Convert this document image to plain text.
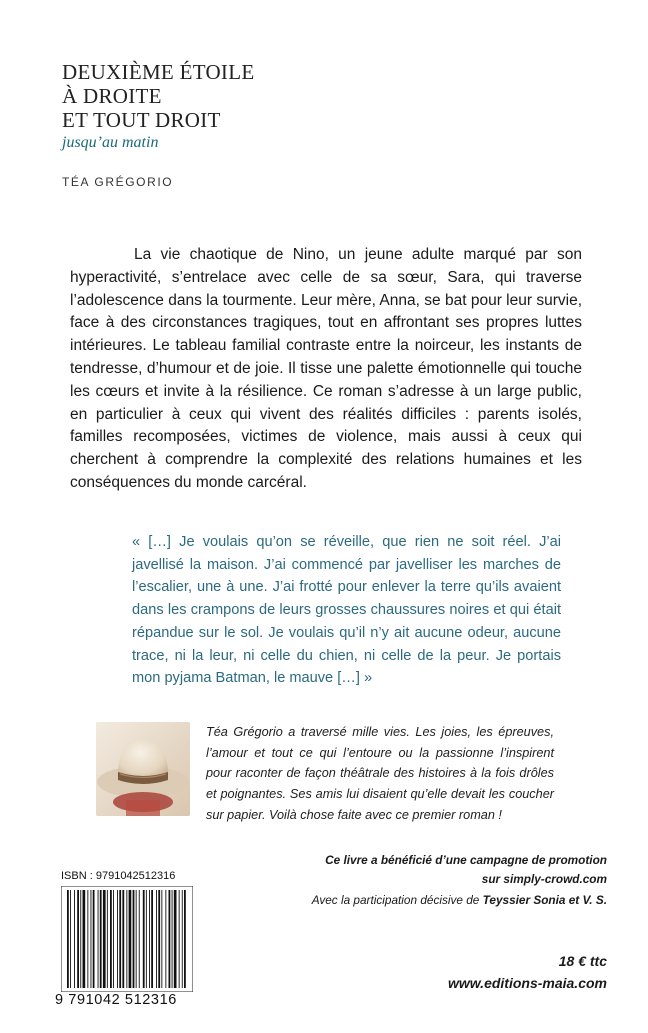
DEUXIÈME ÉTOILE
À DROITE
ET TOUT DROIT
jusqu’au matin
TÉA GRÉGORIO

La vie chaotique de Nino, un jeune adulte marqué par son hyperactivité, s’entrelace avec celle de sa sœur, Sara, qui traverse l’adolescence dans la tourmente. Leur mère, Anna, se bat pour leur survie, face à des circonstances tragiques, tout en affrontant ses propres luttes intérieures. Le tableau familial contraste entre la noirceur, les instants de tendresse, d’humour et de joie. Il tisse une palette émotionnelle qui touche les cœurs et invite à la résilience. Ce roman s’adresse à un large public, en particulier à ceux qui vivent des réalités difficiles : parents isolés, familles recomposées, victimes de violence, mais aussi à ceux qui cherchent à comprendre la complexité des relations humaines et les conséquences du monde carcéral.

« […] Je voulais qu’on se réveille, que rien ne soit réel. J’ai javellisé la maison. J’ai commencé par javelliser les marches de l’escalier, une à une. J’ai frotté pour enlever la terre qu’ils avaient dans les crampons de leurs grosses chaussures noires et qui était répandue sur le sol. Je voulais qu’il n’y ait aucune odeur, aucune trace, ni la leur, ni celle du chien, ni celle de la peur. Je portais mon pyjama Batman, le mauve […] »

Téa Grégorio a traversé mille vies. Les joies, les épreuves, l’amour et tout ce qui l’entoure ou la passionne l’inspirent pour raconter de façon théâtrale des histoires à la fois drôles et poignantes. Ses amis lui disaient qu’elle devait les coucher sur papier. Voilà chose faite avec ce premier roman !

Ce livre a bénéficié d’une campagne de promotion
sur simply-crowd.com
Avec la participation décisive de Teyssier Sonia et V. S.
ISBN : 9791042512316
9 791042 512316
18 € ttc
www.editions-maia.com
